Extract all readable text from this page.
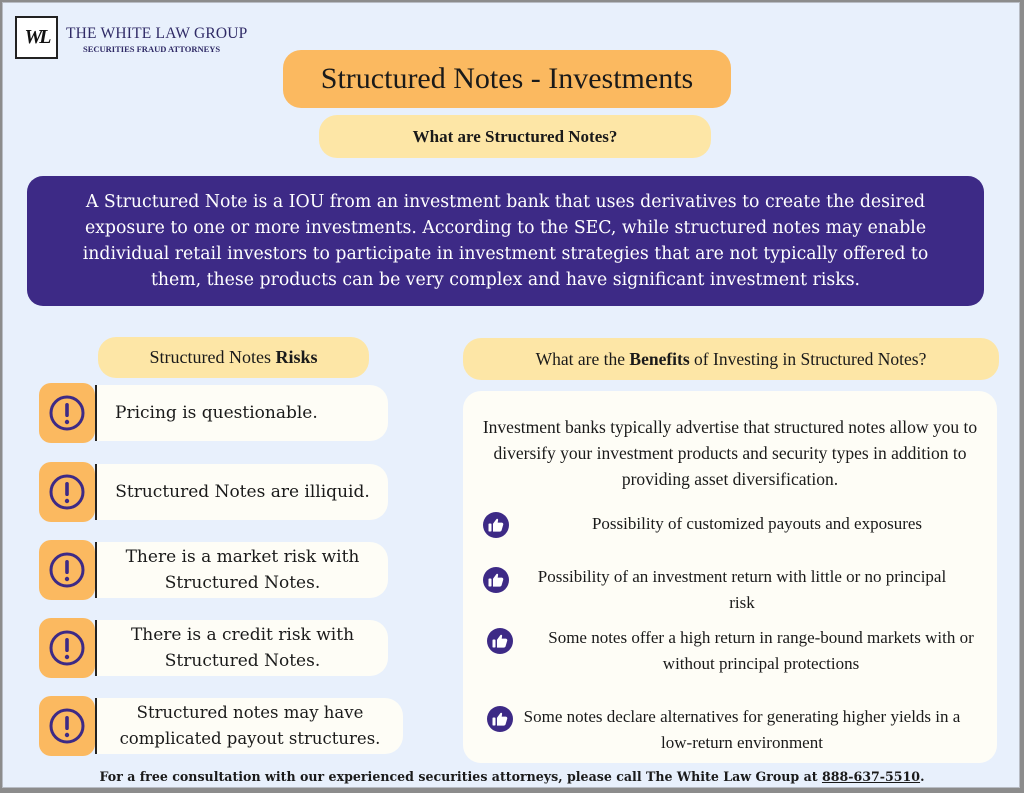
WL	THE WHITE LAW GROUP
SECURITIES FRAUD ATTORNEYS
Structured Notes - Investments
What are Structured Notes?
A Structured Note is a IOU from an investment bank that uses derivatives to create the desired exposure to one or more investments. According to the SEC, while structured notes may enable individual retail investors to participate in investment strategies that are not typically offered to them, these products can be very complex and have significant investment risks.
Structured Notes Risks
Pricing is questionable.
Structured Notes are illiquid.
There is a market risk with Structured Notes.
There is a credit risk with Structured Notes.
Structured notes may have complicated payout structures.
What are the Benefits of Investing in Structured Notes?
Investment banks typically advertise that structured notes allow you to diversify your investment products and security types in addition to providing asset diversification.
Possibility of customized payouts and exposures
Possibility of an investment return with little or no principal risk
Some notes offer a high return in range-bound markets with or without principal protections
Some notes declare alternatives for generating higher yields in a low-return environment
For a free consultation with our experienced securities attorneys, please call The White Law Group at 888-637-5510.
